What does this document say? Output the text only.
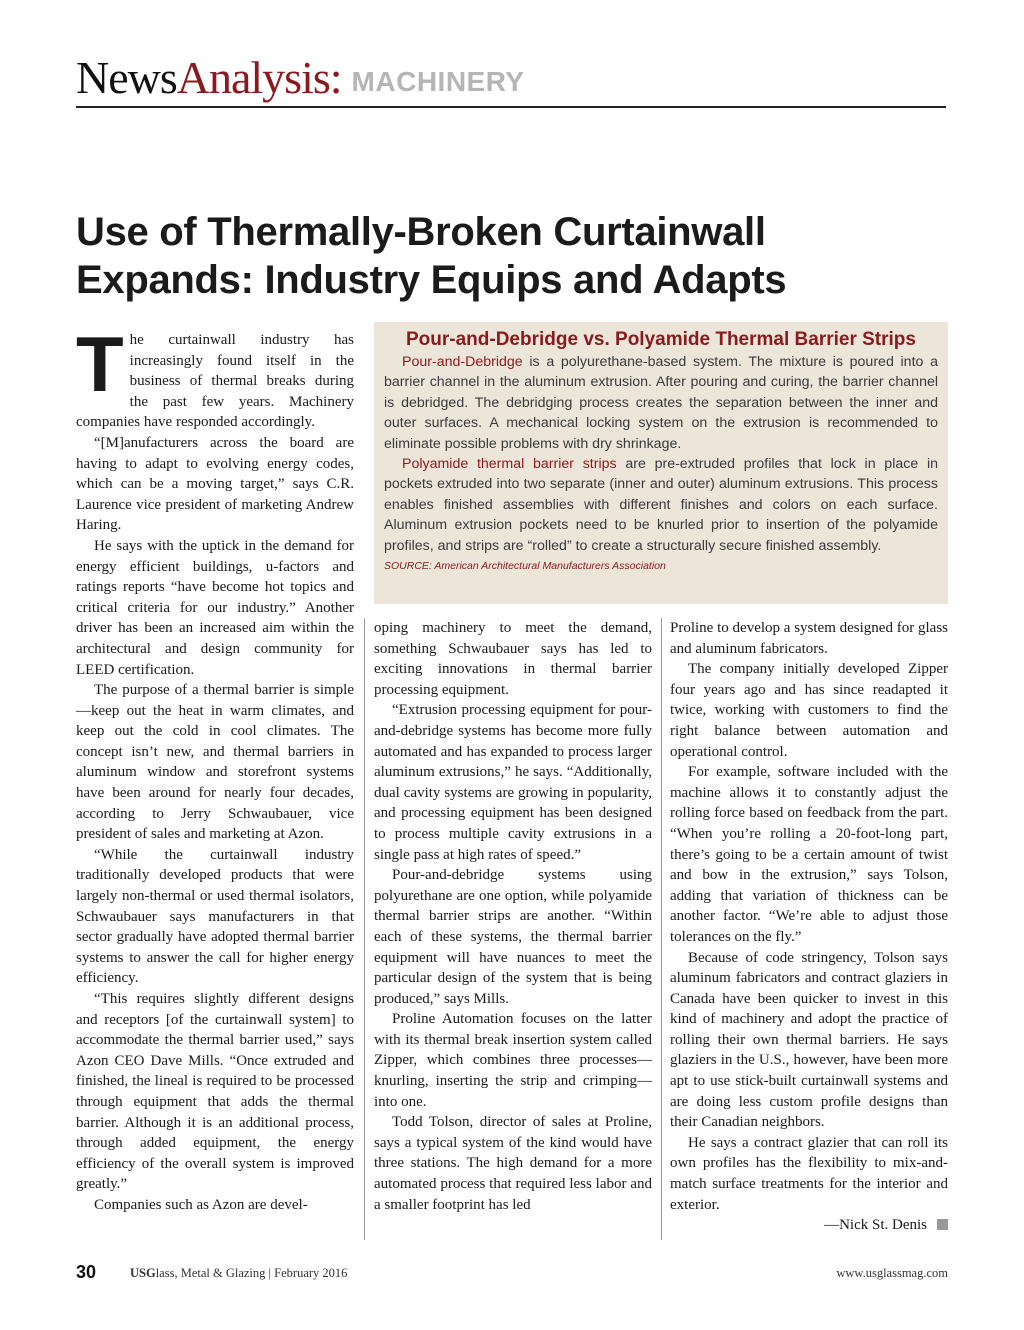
NewsAnalysis: MACHINERY
Use of Thermally-Broken Curtainwall
Expands: Industry Equips and Adapts

The curtainwall industry has increasingly found itself in the business of thermal breaks during the past few years. Machinery companies have responded accordingly.

“[M]anufacturers across the board are having to adapt to evolving energy codes, which can be a moving target,” says C.R. Laurence vice president of marketing Andrew Haring.

He says with the uptick in the demand for energy efficient buildings, u-factors and ratings reports “have become hot topics and critical criteria for our industry.” Another driver has been an increased aim within the architectural and design community for LEED certification.

The purpose of a thermal barrier is simple—keep out the heat in warm climates, and keep out the cold in cool climates. The concept isn’t new, and thermal barriers in aluminum window and storefront systems have been around for nearly four decades, according to Jerry Schwaubauer, vice president of sales and marketing at Azon.

“While the curtainwall industry traditionally developed products that were largely non-thermal or used thermal isolators, Schwaubauer says manufacturers in that sector gradually have adopted thermal barrier systems to answer the call for higher energy efficiency.

“This requires slightly different designs and receptors [of the curtainwall system] to accommodate the thermal barrier used,” says Azon CEO Dave Mills. “Once extruded and finished, the lineal is required to be processed through equipment that adds the thermal barrier. Although it is an additional process, through added equipment, the energy efficiency of the overall system is improved greatly.”

Companies such as Azon are devel-

Pour-and-Debridge vs. Polyamide Thermal Barrier Strips

Pour-and-Debridge is a polyurethane-based system. The mixture is poured into a barrier channel in the aluminum extrusion. After pouring and curing, the barrier channel is debridged. The debridging process creates the separation between the inner and outer surfaces. A mechanical locking system on the extrusion is recommended to eliminate possible problems with dry shrinkage.

Polyamide thermal barrier strips are pre-extruded profiles that lock in place in pockets extruded into two separate (inner and outer) aluminum extrusions. This process enables finished assemblies with different finishes and colors on each surface. Aluminum extrusion pockets need to be knurled prior to insertion of the polyamide profiles, and strips are “rolled” to create a structurally secure finished assembly.

SOURCE: American Architectural Manufacturers Association

oping machinery to meet the demand, something Schwaubauer says has led to exciting innovations in thermal barrier processing equipment.

“Extrusion processing equipment for pour-and-debridge systems has become more fully automated and has expanded to process larger aluminum extrusions,” he says. “Additionally, dual cavity systems are growing in popularity, and processing equipment has been designed to process multiple cavity extrusions in a single pass at high rates of speed.”

Pour-and-debridge systems using polyurethane are one option, while polyamide thermal barrier strips are another. “Within each of these systems, the thermal barrier equipment will have nuances to meet the particular design of the system that is being produced,” says Mills.

Proline Automation focuses on the latter with its thermal break insertion system called Zipper, which combines three processes—knurling, inserting the strip and crimping—into one.

Todd Tolson, director of sales at Proline, says a typical system of the kind would have three stations. The high demand for a more automated process that required less labor and a smaller footprint has led

Proline to develop a system designed for glass and aluminum fabricators.

The company initially developed Zipper four years ago and has since readapted it twice, working with customers to find the right balance between automation and operational control.

For example, software included with the machine allows it to constantly adjust the rolling force based on feedback from the part. “When you’re rolling a 20-foot-long part, there’s going to be a certain amount of twist and bow in the extrusion,” says Tolson, adding that variation of thickness can be another factor. “We’re able to adjust those tolerances on the fly.”

Because of code stringency, Tolson says aluminum fabricators and contract glaziers in Canada have been quicker to invest in this kind of machinery and adopt the practice of rolling their own thermal barriers. He says glaziers in the U.S., however, have been more apt to use stick-built curtainwall systems and are doing less custom profile designs than their Canadian neighbors.

He says a contract glazier that can roll its own profiles has the flexibility to mix-and-match surface treatments for the interior and exterior.

—Nick St. Denis

30	USGlass, Metal & Glazing | February 2016	www.usglassmag.com
